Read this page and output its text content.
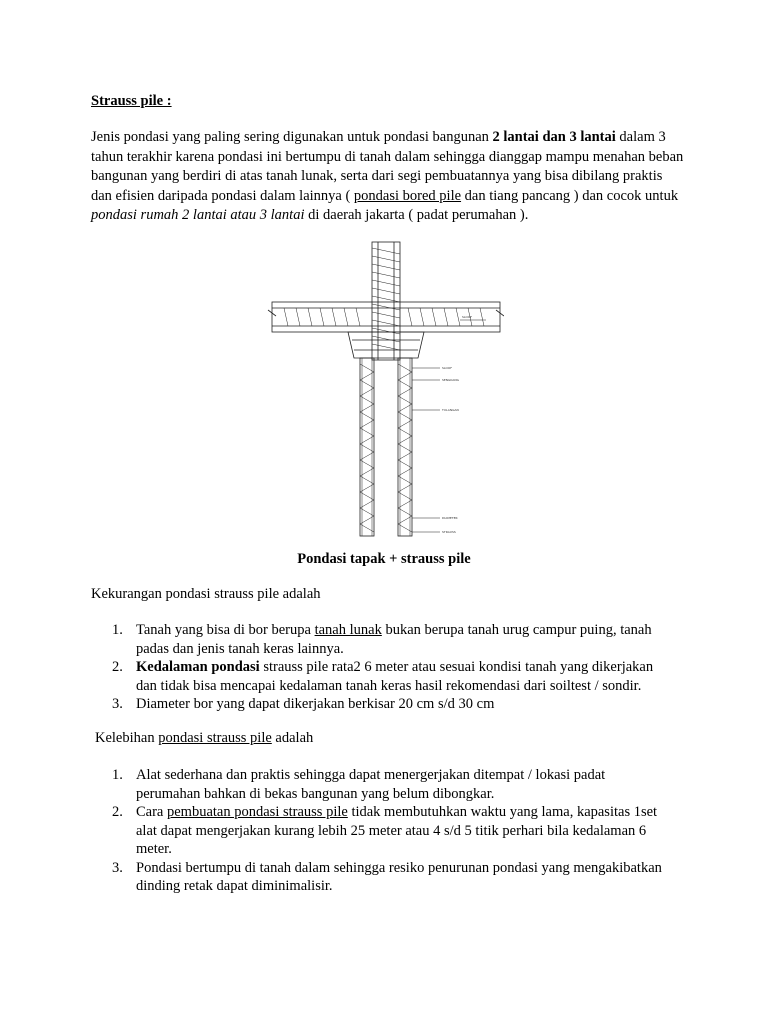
Strauss pile :

Jenis pondasi yang paling sering digunakan untuk pondasi bangunan 2 lantai dan 3 lantai dalam 3 tahun terakhir karena pondasi ini bertumpu di tanah dalam sehingga dianggap mampu menahan beban bangunan yang berdiri di atas tanah lunak, serta dari segi pembuatannya yang bisa dibilang praktis dan efisien daripada pondasi dalam lainnya ( pondasi bored pile dan tiang pancang ) dan cocok untuk pondasi rumah 2 lantai atau 3 lantai di daerah jakarta ( padat perumahan ).

SLOOF
SENGKANG
TULANGAN
SLOOF
DIAMETER
STRAUSS
Pondasi tapak + strauss pile
Kekurangan pondasi strauss pile adalah
1. Tanah yang bisa di bor berupa tanah lunak bukan berupa tanah urug campur puing, tanah padas dan jenis tanah keras lainnya.
2. Kedalaman pondasi strauss pile rata2 6 meter atau sesuai kondisi tanah yang dikerjakan dan tidak bisa mencapai kedalaman tanah keras hasil rekomendasi dari soiltest / sondir.
3. Diameter bor yang dapat dikerjakan berkisar 20 cm s/d 30 cm
Kelebihan pondasi strauss pile adalah
1. Alat sederhana dan praktis sehingga dapat menergerjakan ditempat / lokasi padat perumahan bahkan di bekas bangunan yang belum dibongkar.
2. Cara pembuatan pondasi strauss pile tidak membutuhkan waktu yang lama, kapasitas 1set alat dapat mengerjakan kurang lebih 25 meter atau 4 s/d 5 titik perhari bila kedalaman 6 meter.
3. Pondasi bertumpu di tanah dalam sehingga resiko penurunan pondasi yang mengakibatkan dinding retak dapat diminimalisir.
